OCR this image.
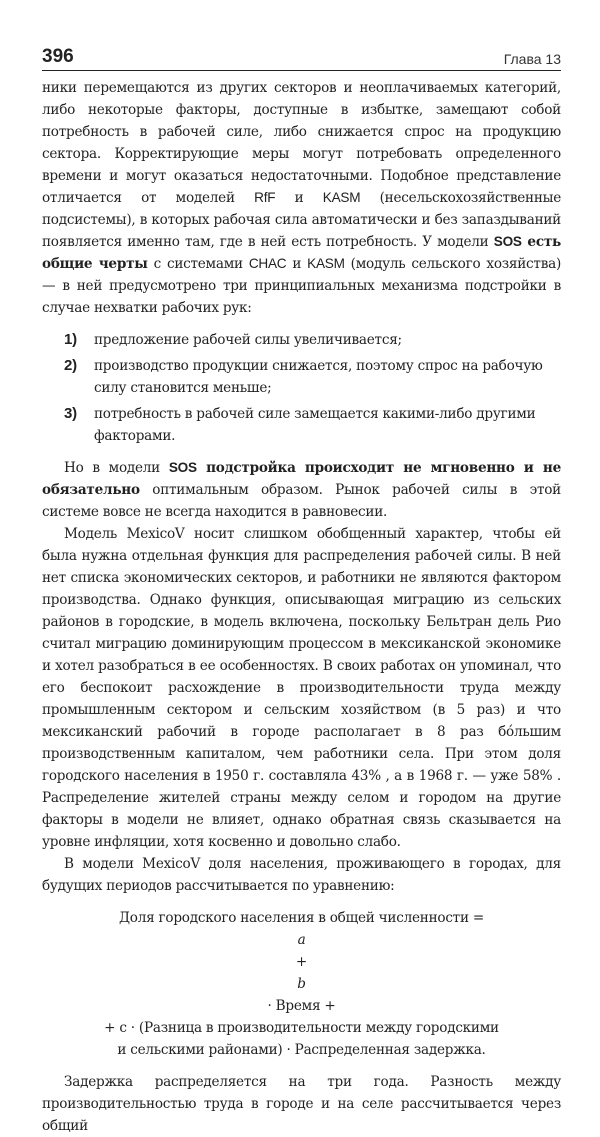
396	Глава 13

ники перемещаются из других секторов и неоплачиваемых категорий, либо некоторые факторы, доступные в избытке, замещают собой потребность в рабочей силе, либо снижается спрос на продукцию сектора. Корректирующие меры могут потребовать определенного времени и могут оказаться недостаточными. Подобное представление отличается от моделей RfF и KASM (несельскохозяйственные подсистемы), в которых рабочая сила автоматически и без запаздываний появляется именно там, где в ней есть потребность. У модели SOS есть общие черты с системами CHAC и KASM (модуль сельского хозяйства) — в ней предусмотрено три принципиальных механизма подстройки в случае нехватки рабочих рук:

1)	предложение рабочей силы увеличивается;
2)	производство продукции снижается, поэтому спрос на рабочую силу становится меньше;
3)	потребность в рабочей силе замещается какими-либо другими факторами.

Но в модели SOS подстройка происходит не мгновенно и не обязательно оптимальным образом. Рынок рабочей силы в этой системе вовсе не всегда находится в равновесии.

Модель MexicoV носит слишком обобщенный характер, чтобы ей была нужна отдельная функция для распределения рабочей силы. В ней нет списка экономических секторов, и работники не являются фактором производства. Однако функция, описывающая миграцию из сельских районов в городские, в модель включена, поскольку Бельтран дель Рио считал миграцию доминирующим процессом в мексиканской экономике и хотел разобраться в ее особенностях. В своих работах он упоминал, что его беспокоит расхождение в производительности труда между промышленным сектором и сельским хозяйством (в 5 раз) и что мексиканский рабочий в городе располагает в 8 раз бóльшим производственным капиталом, чем работники села. При этом доля городского населения в 1950 г. составляла 43% , а в 1968 г. — уже 58% . Распределение жителей страны между селом и городом на другие факторы в модели не влияет, однако обратная связь сказывается на уровне инфляции, хотя косвенно и довольно слабо.

В модели MexicoV доля населения, проживающего в городах, для будущих периодов рассчитывается по уравнению:

Доля городского населения в общей численности =
a
+
b
· Время +
+ c · (Разница в производительности между городскими
и сельскими районами) · Распределенная задержка.

Задержка распределяется на три года. Разность между производительностью труда в городе и на селе рассчитывается через общий
